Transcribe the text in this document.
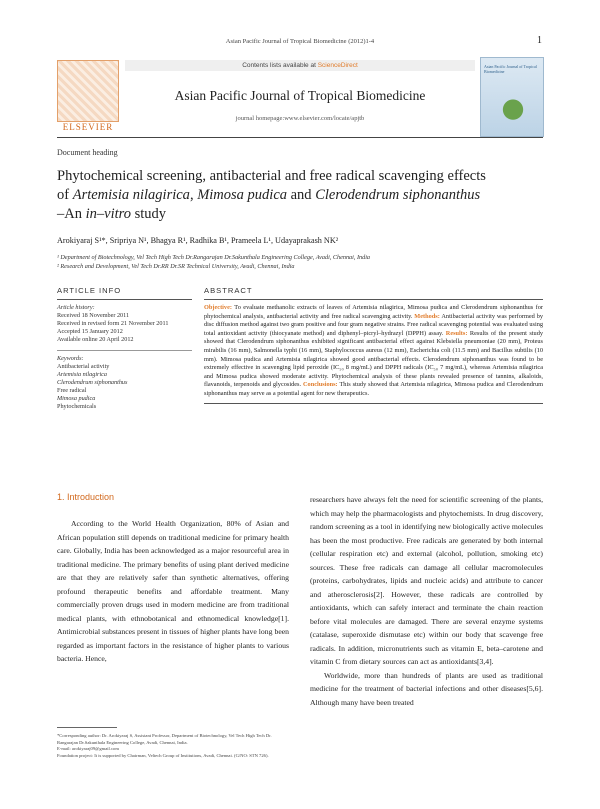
Asian Pacific Journal of Tropical Biomedicine (2012)1-4	1
ELSEVIER
Contents lists available at ScienceDirect
Asian Pacific Journal of Tropical Biomedicine
journal homepage:www.elsevier.com/locate/apjtb
Asian Pacific Journal of Tropical Biomedicine
Document heading
Phytochemical screening, antibacterial and free radical scavenging effects
of Artemisia nilagirica, Mimosa pudica and Clerodendrum siphonanthus
–An in–vitro study
Arokiyaraj S¹*, Sripriya N¹, Bhagya R¹, Radhika B¹, Prameela L¹, Udayaprakash NK²
¹ Department of Biotechnology, Vel Tech High Tech Dr.Rangarajan Dr.Sakunthala Engineering College, Avadi, Chennai, India
² Research and Development, Vel Tech Dr.RR Dr.SR Technical University, Avadi, Chennai, India
ARTICLE INFO
Article history:
Received 18 November 2011
Received in revised form 21 November 2011
Accepted 15 January 2012
Available online 20 April 2012
Keywords:
Antibacterial activity
Artemisia nilagirica
Clerodendrum siphonanthus
Free radical
Mimosa pudica
Phytochemicals
ABSTRACT
Objective: To evaluate methanolic extracts of leaves of Artemisia nilagirica, Mimosa pudica and Clerodendrum siphonanthus for phytochemical analysis, antibacterial activity and free radical scavenging activity. Methods: Antibacterial activity was performed by disc diffusion method against two gram positive and four gram negative strains. Free radical scavenging potential was evaluated using total antioxidant activity (thiocyanate method) and diphenyl–picryl–hydrazyl (DPPH) assay. Results: Results of the present study showed that Clerodendrum siphonanthus exhibited significant antibacterial effect against Klebsiella pneumoniae (20 mm), Proteus mirabilis (16 mm), Salmonella typhi (16 mm), Staphylococcus aureus (12 mm), Escherichia coli (11.5 mm) and Bacillus subtilis (10 mm). Mimosa pudica and Artemisia nilagirica showed good antibacterial effects. Clerodendrum siphonanthus was found to be extremely effective in scavenging lipid peroxide (IC₅₀ 8 mg/mL) and DPPH radicals (IC₅₀ 7 mg/mL), whereas Artemisia nilagirica and Mimosa pudica showed moderate activity. Phytochemical analysis of these plants revealed presence of tannins, alkaloids, flavanoids, terpenoids and glycosides. Conclusions: This study showed that Artemisia nilagirica, Mimosa pudica and Clerodendrum siphonanthus may serve as a potential agent for new therapeutics.
1. Introduction
According to the World Health Organization, 80% of Asian and African population still depends on traditional medicine for primary health care. Globally, India has been acknowledged as a major resourceful area in traditional medicine. The primary benefits of using plant derived medicine are that they are relatively safer than synthetic alternatives, offering profound therapeutic benefits and affordable treatment. Many commercially proven drugs used in modern medicine are from traditional medical plants, with ethnobotanical and ethnomedical knowledge[1]. Antimicrobial substances present in tissues of higher plants have long been regarded as important factors in the resistance of higher plants to various bacteria. Hence,
researchers have always felt the need for scientific screening of the plants, which may help the pharmacologists and phytochemists. In drug discovery, random screening as a tool in identifying new biologically active molecules has been the most productive. Free radicals are generated by both internal (cellular respiration etc) and external (alcohol, pollution, smoking etc) sources. These free radicals can damage all cellular macromolecules (proteins, carbohydrates, lipids and nucleic acids) and attribute to cancer and atherosclerosis[2]. However, these radicals are controlled by antioxidants, which can safely interact and terminate the chain reaction before vital molecules are damaged. There are several enzyme systems (catalase, superoxide dismutase etc) within our body that scavenge free radicals. In addition, micronutrients such as vitamin E, beta–carotene and vitamin C from dietary sources can act as antioxidants[3,4].
Worldwide, more than hundreds of plants are used as traditional medicine for the treatment of bacterial infections and other diseases[5,6]. Although many have been treated
*Corresponding author: Dr. Arokiyaraj S, Assistant Professor, Department of Biotechnology, Vel Tech High Tech Dr. Rangarajan Dr.Sakunthala Engineering College, Avadi, Chennai, India.
E-mail: arokiyaraj09@gmail.com
Foundation project: It is supported by Chairman, Veltech Group of Institutions, Avadi, Chennai. (G/NO: STN 726).
